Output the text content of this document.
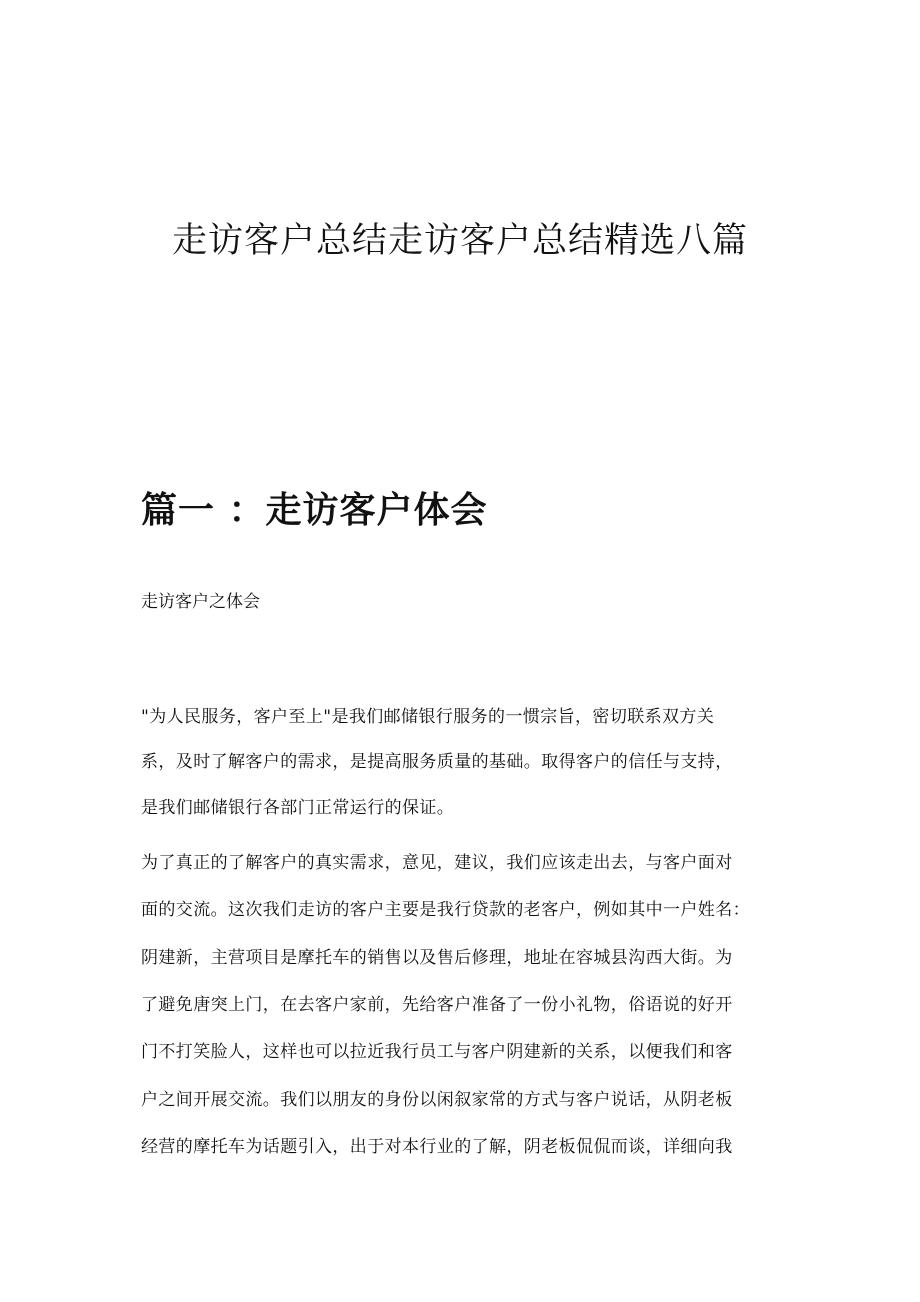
走访客户总结走访客户总结精选八篇
篇一 ：走访客户体会

走访客户之体会

"为人民服务，客户至上"是我们邮储银行服务的一惯宗旨，密切联系双方关

系，及时了解客户的需求，是提高服务质量的基础。取得客户的信任与支持，

是我们邮储银行各部门正常运行的保证。

为了真正的了解客户的真实需求，意见，建议，我们应该走出去，与客户面对

面的交流。这次我们走访的客户主要是我行贷款的老客户，例如其中一户姓名：

阴建新，主营项目是摩托车的销售以及售后修理，地址在容城县沟西大街。为

了避免唐突上门，在去客户家前，先给客户准备了一份小礼物，俗语说的好开

门不打笑脸人，这样也可以拉近我行员工与客户阴建新的关系，以便我们和客

户之间开展交流。我们以朋友的身份以闲叙家常的方式与客户说话，从阴老板

经营的摩托车为话题引入，出于对本行业的了解，阴老板侃侃而谈，详细向我
